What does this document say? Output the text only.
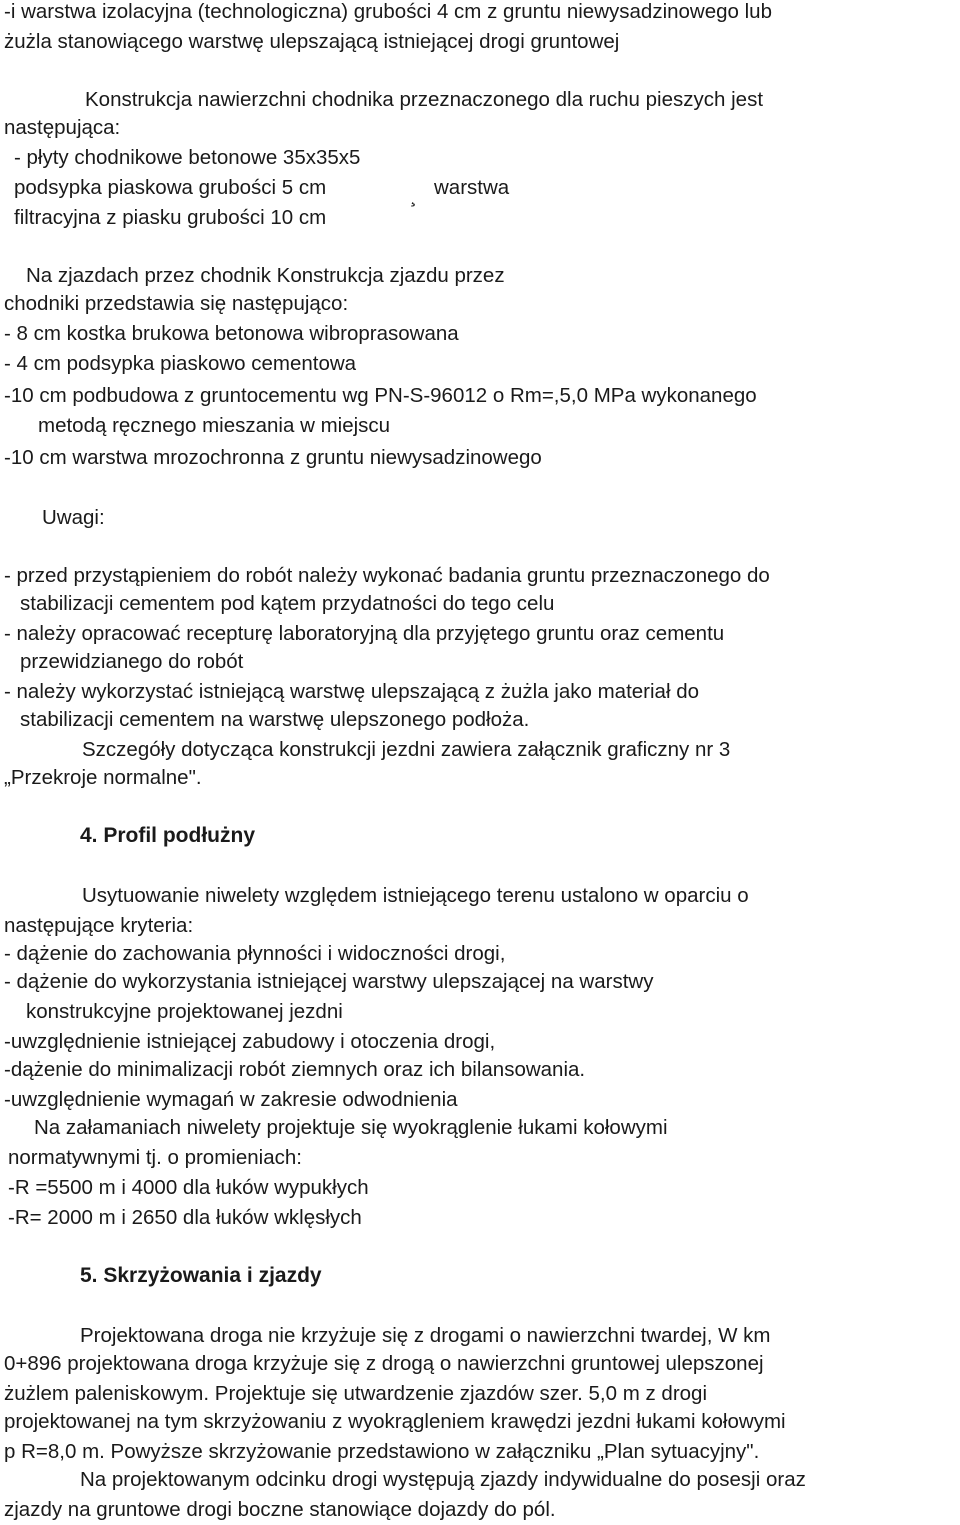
-i warstwa izolacyjna (technologiczna) grubości 4 cm z gruntu niewysadzinowego lub
żużla stanowiącego warstwę ulepszającą istniejącej drogi gruntowej
Konstrukcja nawierzchni chodnika przeznaczonego dla ruchu pieszych jest
następująca:
- płyty chodnikowe betonowe 35x35x5
podsypka piaskowa grubości 5 cm	¸ warstwa
filtracyjna z piasku grubości 10 cm
Na zjazdach przez chodnik Konstrukcja zjazdu przez
chodniki przedstawia się następująco:
- 8 cm kostka brukowa betonowa wibroprasowana
- 4 cm podsypka piaskowo cementowa
-10 cm podbudowa z gruntocementu wg PN-S-96012 o Rm=,5,0 MPa wykonanego
metodą ręcznego mieszania w miejscu
-10 cm warstwa mrozochronna z gruntu niewysadzinowego
Uwagi:
- przed przystąpieniem do robót należy wykonać badania gruntu przeznaczonego do
stabilizacji cementem pod kątem przydatności do tego celu
- należy opracować recepturę laboratoryjną dla przyjętego gruntu oraz cementu
przewidzianego do robót
- należy wykorzystać istniejącą warstwę ulepszającą z żużla jako materiał do
stabilizacji cementem na warstwę ulepszonego podłoża.
Szczegóły dotycząca konstrukcji jezdni zawiera załącznik graficzny nr 3
„Przekroje normalne".
4. Profil podłużny
Usytuowanie niwelety względem istniejącego terenu ustalono w oparciu o
następujące kryteria:
- dążenie do zachowania płynności i widoczności drogi,
- dążenie do wykorzystania istniejącej warstwy ulepszającej na warstwy
konstrukcyjne projektowanej jezdni
-uwzględnienie istniejącej zabudowy i otoczenia drogi,
-dążenie do minimalizacji robót ziemnych oraz ich bilansowania.
-uwzględnienie wymagań w zakresie odwodnienia
Na załamaniach niwelety projektuje się wyokrąglenie łukami kołowymi
normatywnymi tj. o promieniach:
-R =5500 m i 4000 dla łuków wypukłych
-R= 2000 m i 2650 dla łuków wklęsłych
5. Skrzyżowania i zjazdy
Projektowana droga nie krzyżuje się z drogami o nawierzchni twardej, W km
0+896 projektowana droga krzyżuje się z drogą o nawierzchni gruntowej ulepszonej
żużlem paleniskowym. Projektuje się utwardzenie zjazdów szer. 5,0 m z drogi
projektowanej na tym skrzyżowaniu z wyokrągleniem krawędzi jezdni łukami kołowymi
p R=8,0 m. Powyższe skrzyżowanie przedstawiono w załączniku „Plan sytuacyjny".
Na projektowanym odcinku drogi występują zjazdy indywidualne do posesji oraz
zjazdy na gruntowe drogi boczne stanowiące dojazdy do pól.
